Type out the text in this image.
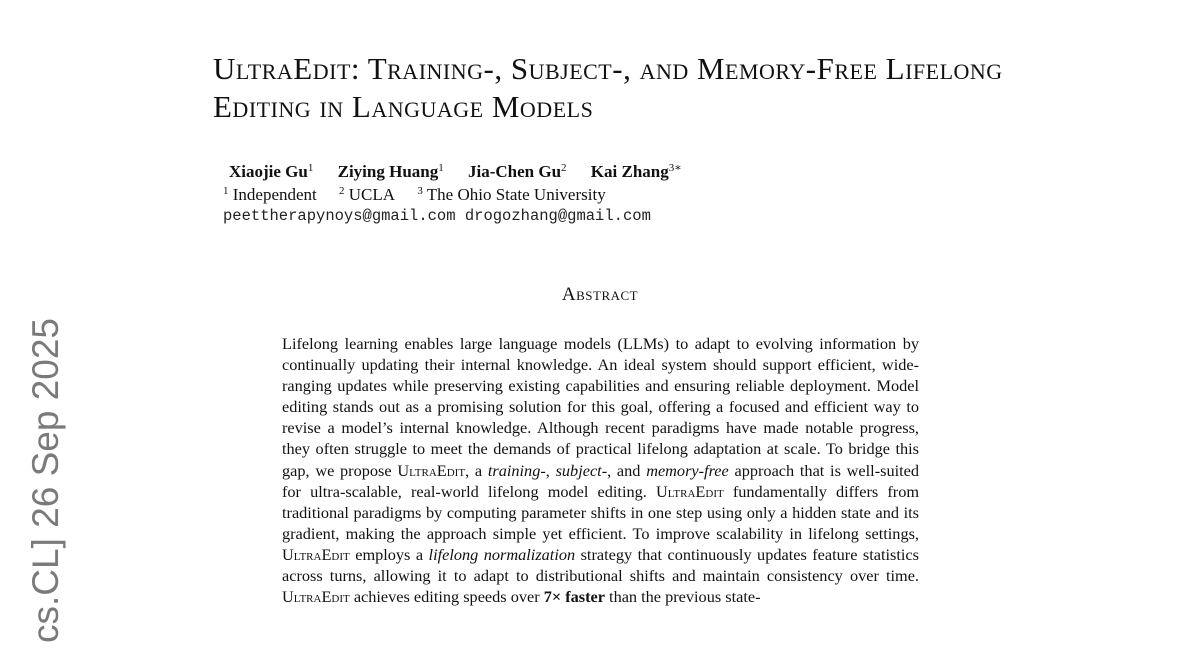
UltraEdit: Training-, Subject-, and Memory-Free Lifelong Editing in Language Models
Xiaojie Gu$^1$ Ziying Huang$^1$ Jia-Chen Gu$^2$ Kai Zhang$^{3∗}$
$^1$ Independent $^2$ UCLA $^3$ The Ohio State University
peettherapynoys@gmail.com drogozhang@gmail.com
Abstract
Lifelong learning enables large language models (LLMs) to adapt to evolving information by continually updating their internal knowledge. An ideal system should support efficient, wide-ranging updates while preserving existing capabilities and ensuring reliable deployment. Model editing stands out as a promising solution for this goal, offering a focused and efficient way to revise a model’s internal knowledge. Although recent paradigms have made notable progress, they often struggle to meet the demands of practical lifelong adaptation at scale. To bridge this gap, we propose UltraEdit, a training-, subject-, and memory-free approach that is well-suited for ultra-scalable, real-world lifelong model editing. UltraEdit fundamentally differs from traditional paradigms by computing parameter shifts in one step using only a hidden state and its gradient, making the approach simple yet efficient. To improve scalability in lifelong settings, UltraEdit employs a lifelong normalization strategy that continuously updates feature statistics across turns, allowing it to adapt to distributional shifts and maintain consistency over time. UltraEdit achieves editing speeds over 7× faster than the previous state-
cs.CL] 26 Sep 2025
